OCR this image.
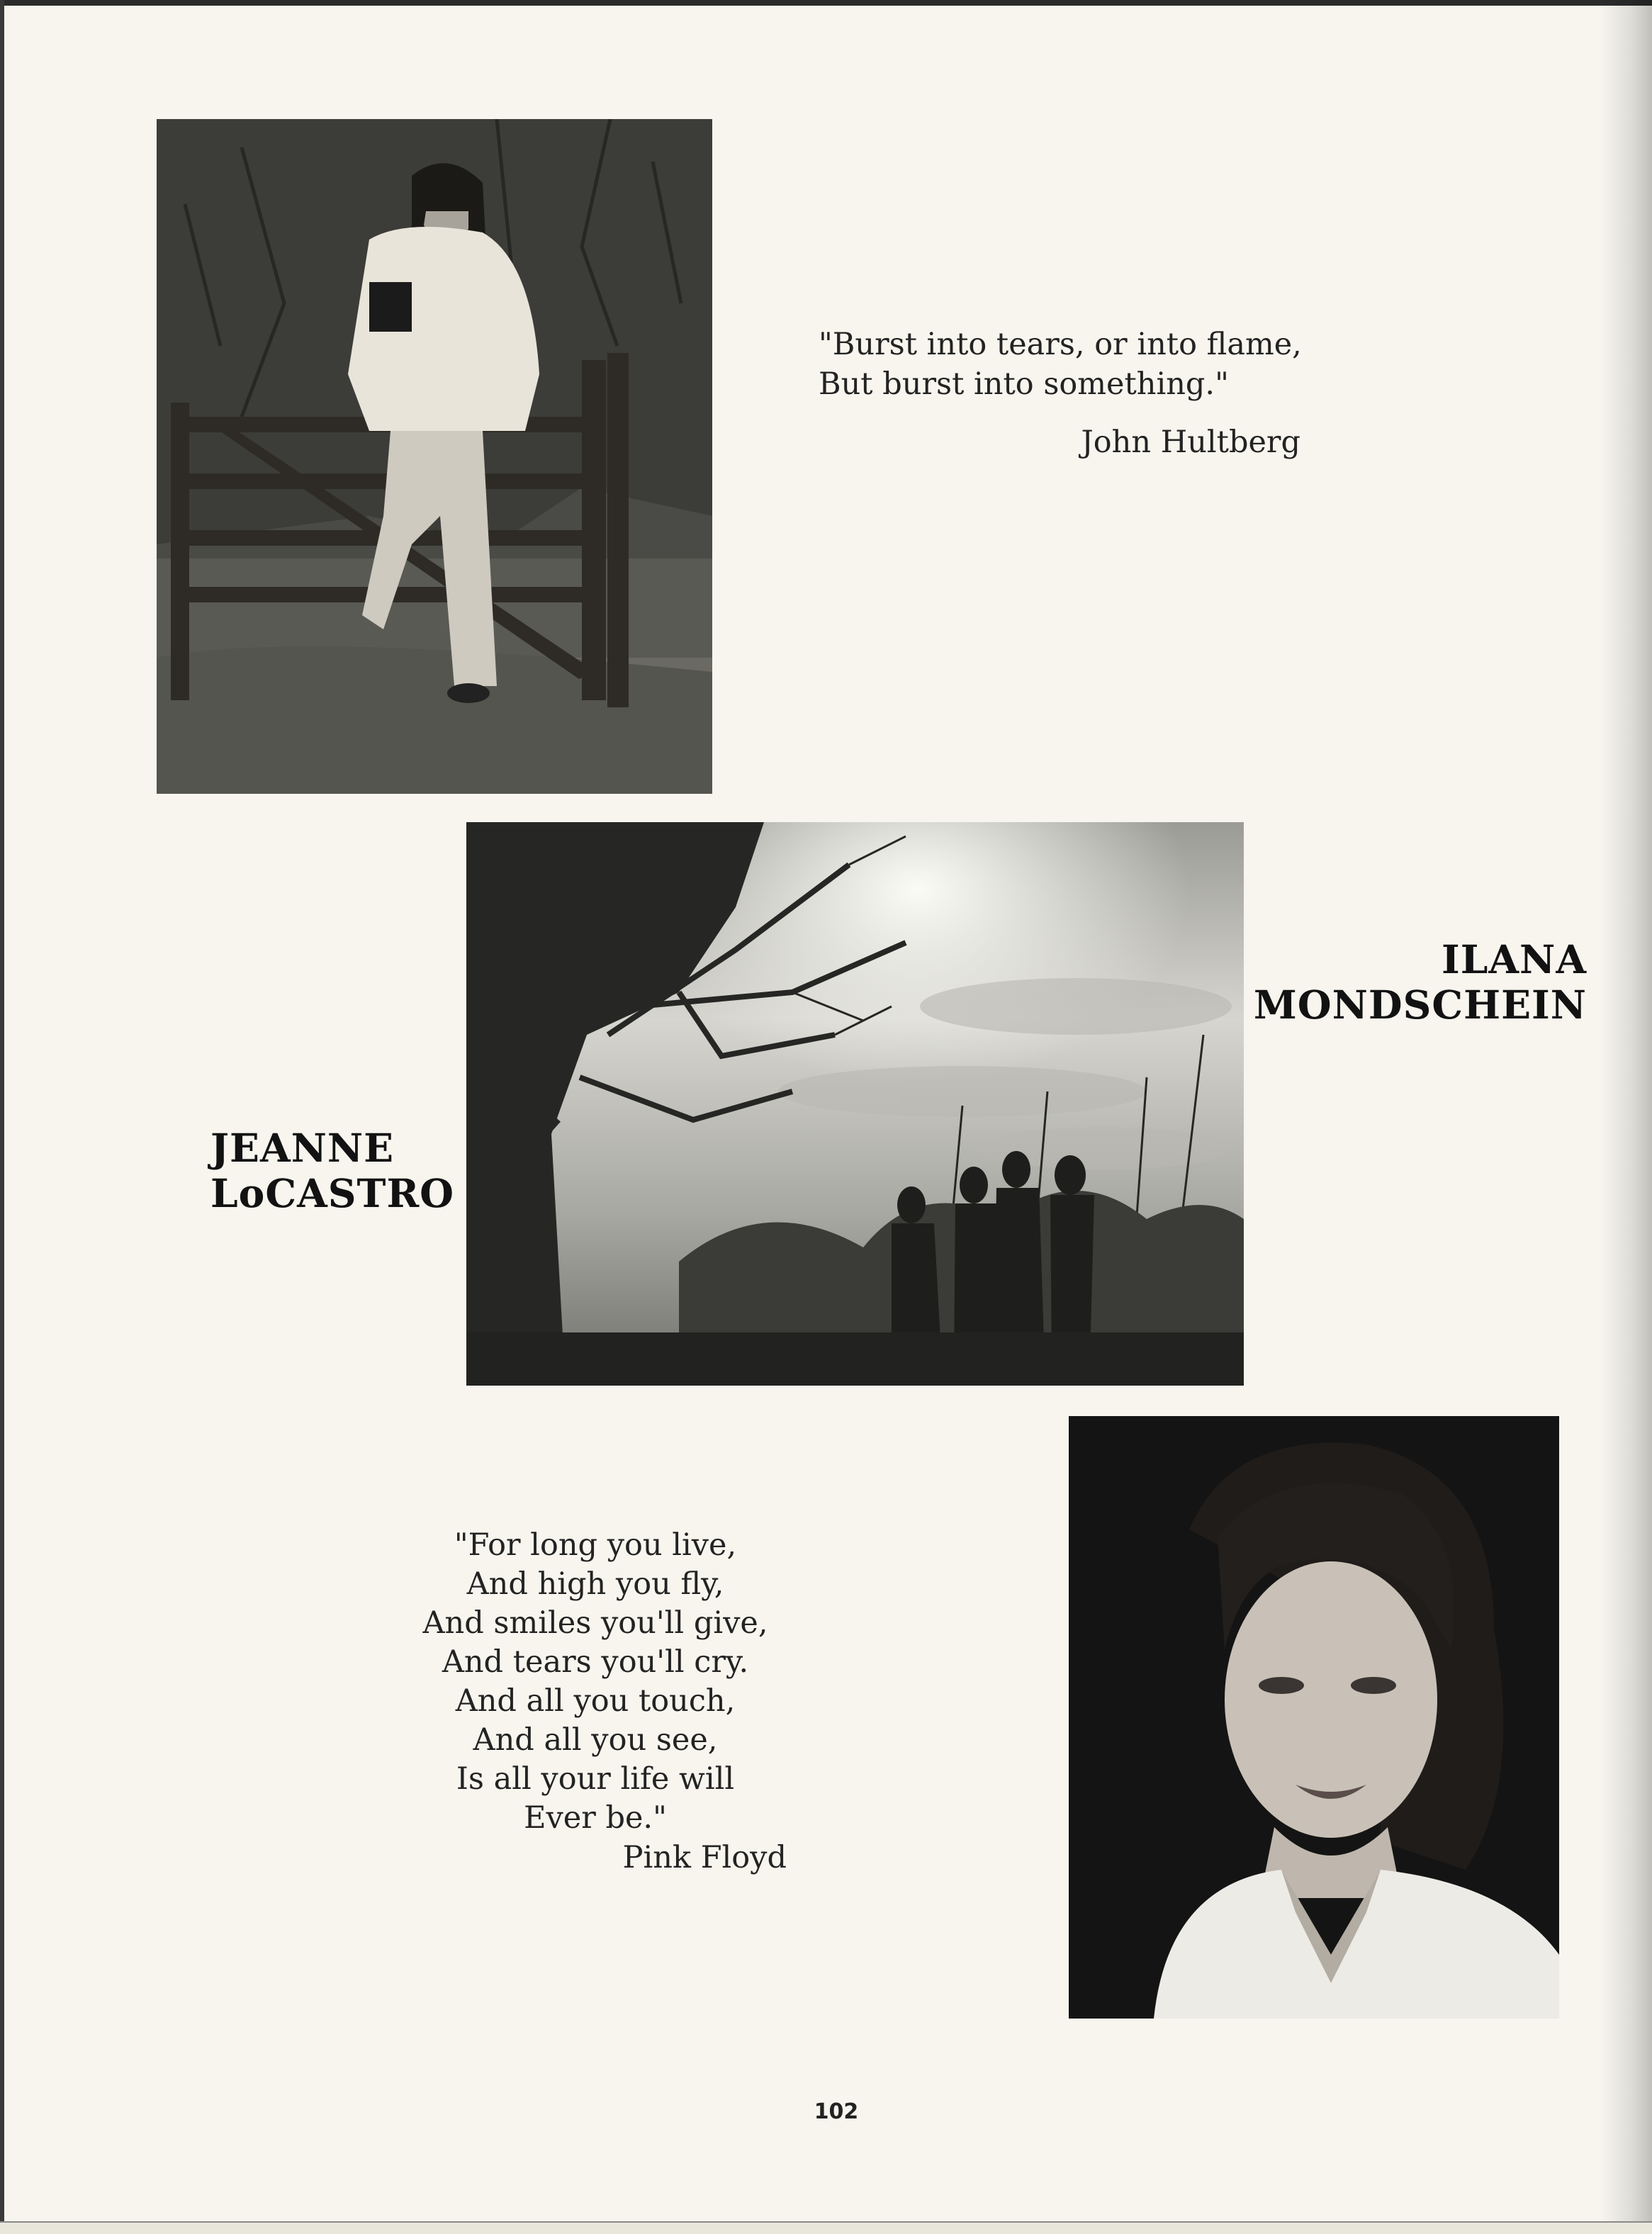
"Burst into tears, or into flame,
But burst into something."
John Hultberg
ILANA
MONDSCHEIN
JEANNE
LoCASTRO
"For long you live,
And high you fly,
And smiles you'll give,
And tears you'll cry.
And all you touch,
And all you see,
Is all your life will
Ever be."
Pink Floyd
102
